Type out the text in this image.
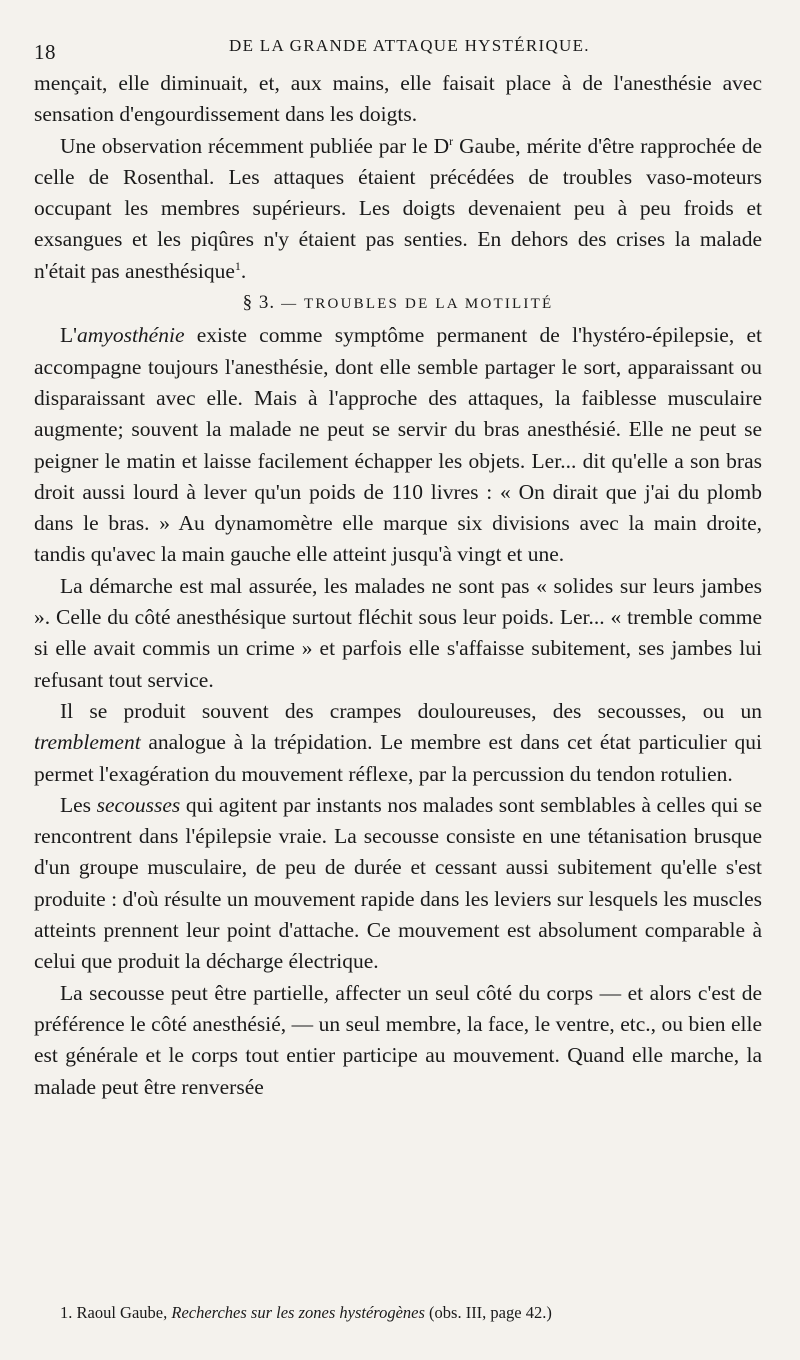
18	DE LA GRANDE ATTAQUE HYSTÉRIQUE.

mençait, elle diminuait, et, aux mains, elle faisait place à de l'anesthésie avec sensation d'engourdissement dans les doigts.

Une observation récemment publiée par le $D^r$ Gaube, mérite d'être rapprochée de celle de Rosenthal. Les attaques étaient précédées de troubles vaso-moteurs occupant les membres supérieurs. Les doigts devenaient peu à peu froids et exsangues et les piqûres n'y étaient pas senties. En dehors des crises la malade n'était pas anesthésique$^1$.

§ 3. — TROUBLES DE LA MOTILITÉ

L'amyosthénie existe comme symptôme permanent de l'hystéro-épilepsie, et accompagne toujours l'anesthésie, dont elle semble partager le sort, apparaissant ou disparaissant avec elle. Mais à l'approche des attaques, la faiblesse musculaire augmente; souvent la malade ne peut se servir du bras anesthésié. Elle ne peut se peigner le matin et laisse facilement échapper les objets. Ler... dit qu'elle a son bras droit aussi lourd à lever qu'un poids de 110 livres : « On dirait que j'ai du plomb dans le bras. » Au dynamomètre elle marque six divisions avec la main droite, tandis qu'avec la main gauche elle atteint jusqu'à vingt et une.

La démarche est mal assurée, les malades ne sont pas « solides sur leurs jambes ». Celle du côté anesthésique surtout fléchit sous leur poids. Ler... « tremble comme si elle avait commis un crime » et parfois elle s'affaisse subitement, ses jambes lui refusant tout service.

Il se produit souvent des crampes douloureuses, des secousses, ou un tremblement analogue à la trépidation. Le membre est dans cet état particulier qui permet l'exagération du mouvement réflexe, par la percussion du tendon rotulien.

Les secousses qui agitent par instants nos malades sont semblables à celles qui se rencontrent dans l'épilepsie vraie. La secousse consiste en une tétanisation brusque d'un groupe musculaire, de peu de durée et cessant aussi subitement qu'elle s'est produite : d'où résulte un mouvement rapide dans les leviers sur lesquels les muscles atteints prennent leur point d'attache. Ce mouvement est absolument comparable à celui que produit la décharge électrique.

La secousse peut être partielle, affecter un seul côté du corps — et alors c'est de préférence le côté anesthésié, — un seul membre, la face, le ventre, etc., ou bien elle est générale et le corps tout entier participe au mouvement. Quand elle marche, la malade peut être renversée

1. Raoul Gaube, Recherches sur les zones hystérogènes (obs. III, page 42.)
